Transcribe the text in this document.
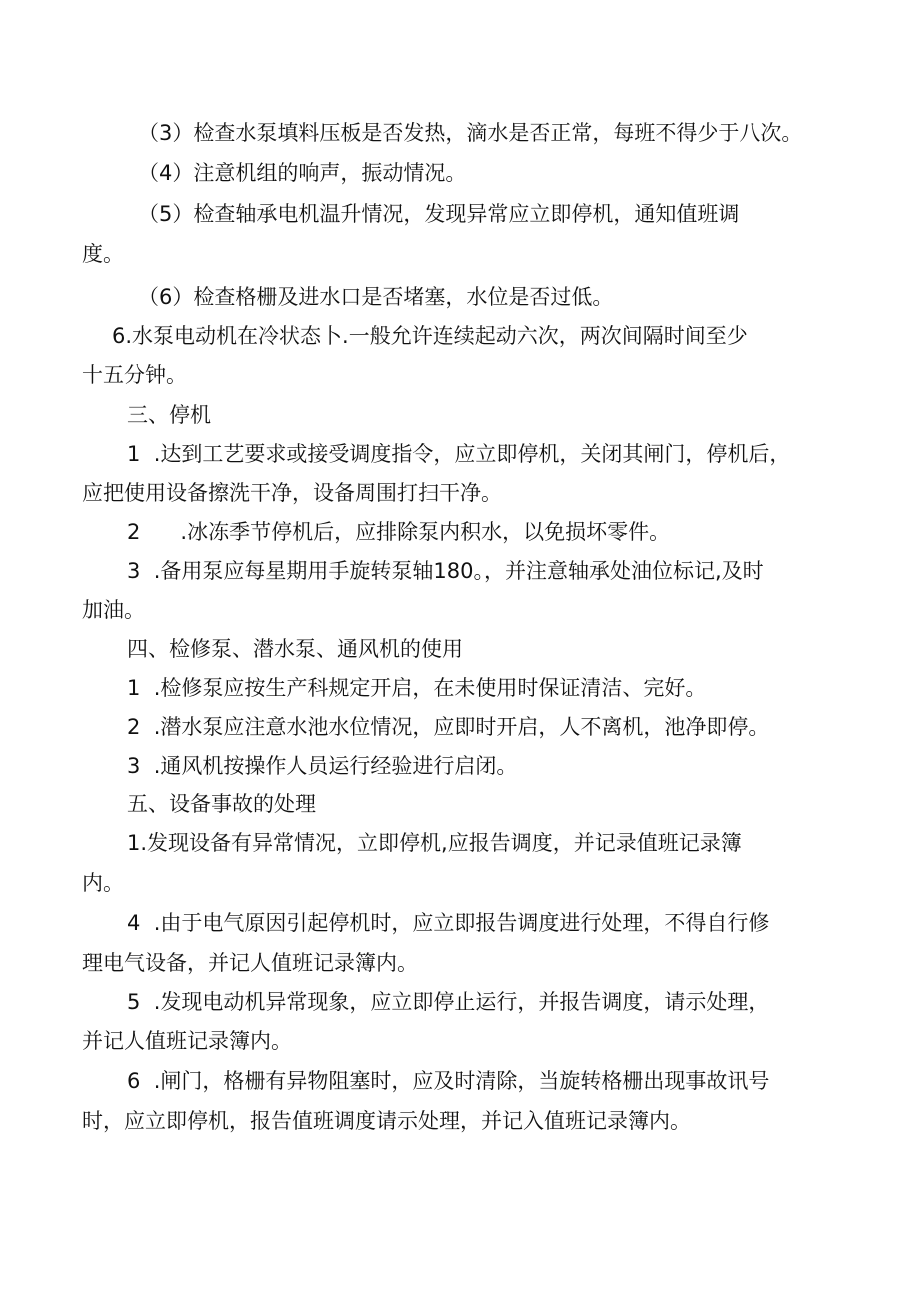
（3）检查水泵填料压板是否发热，滴水是否正常，每班不得少于八次。
（4）注意机组的响声，振动情况。
（5）检查轴承电机温升情况，发现异常应立即停机，通知值班调
度。
（6）检查格栅及进水口是否堵塞，水位是否过低。
6.水泵电动机在冷状态卜.一般允许连续起动六次，两次间隔时间至少
十五分钟。
三、停机
1  .达到工艺要求或接受调度指令，应立即停机，关闭其闸门，停机后，
应把使用设备擦洗干净，设备周围打扫干净。
2      .冰冻季节停机后，应排除泵内积水，以免损坏零件。
3  .备用泵应每星期用手旋转泵轴180。，并注意轴承处油位标记,及时
加油。
四、检修泵、潜水泵、通风机的使用
1  .检修泵应按生产科规定开启，在未使用时保证清洁、完好。
2  .潜水泵应注意水池水位情况，应即时开启，人不离机，池净即停。
3  .通风机按操作人员运行经验进行启闭。
五、设备事故的处理
1.发现设备有异常情况，立即停机,应报告调度，并记录值班记录簿
内。
4  .由于电气原因引起停机时，应立即报告调度进行处理，不得自行修
理电气设备，并记人值班记录簿内。
5  .发现电动机异常现象，应立即停止运行，并报告调度，请示处理，
并记人值班记录簿内。
6  .闸门，格栅有异物阻塞时，应及时清除，当旋转格栅出现事故讯号
时，应立即停机，报告值班调度请示处理，并记入值班记录簿内。
